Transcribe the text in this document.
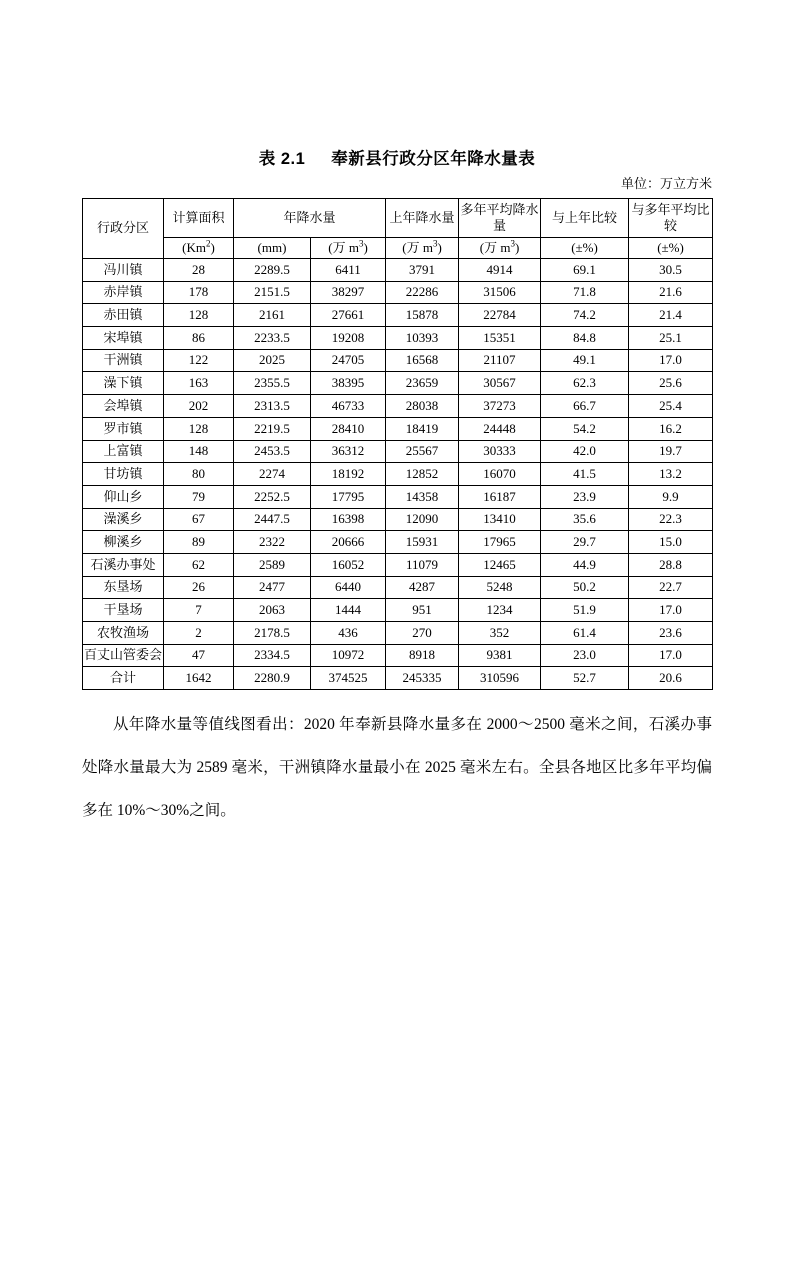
表 2.1 奉新县行政分区年降水量表
单位：万立方米
行政分区	计算面积	年降水量		上年降水量	多年平均降水量	与上年比较	与多年平均比较
	(Km$^2$)	(mm)	(万 $m^3$)	(万 $m^3$)	(万 $m^3$)	(±%)	(±%)
冯川镇	28	2289.5	6411	3791	4914	69.1	30.5
赤岸镇	178	2151.5	38297	22286	31506	71.8	21.6
赤田镇	128	2161	27661	15878	22784	74.2	21.4
宋埠镇	86	2233.5	19208	10393	15351	84.8	25.1
干洲镇	122	2025	24705	16568	21107	49.1	17.0
澡下镇	163	2355.5	38395	23659	30567	62.3	25.6
会埠镇	202	2313.5	46733	28038	37273	66.7	25.4
罗市镇	128	2219.5	28410	18419	24448	54.2	16.2
上富镇	148	2453.5	36312	25567	30333	42.0	19.7
甘坊镇	80	2274	18192	12852	16070	41.5	13.2
仰山乡	79	2252.5	17795	14358	16187	23.9	9.9
澡溪乡	67	2447.5	16398	12090	13410	35.6	22.3
柳溪乡	89	2322	20666	15931	17965	29.7	15.0
石溪办事处	62	2589	16052	11079	12465	44.9	28.8
东垦场	26	2477	6440	4287	5248	50.2	22.7
干垦场	7	2063	1444	951	1234	51.9	17.0
农牧渔场	2	2178.5	436	270	352	61.4	23.6
百丈山管委会	47	2334.5	10972	8918	9381	23.0	17.0
合计	1642	2280.9	374525	245335	310596	52.7	20.6

从年降水量等值线图看出：2020 年奉新县降水量多在 2000～2500 毫米之间，石溪办事处降水量最大为 2589 毫米，干洲镇降水量最小在 2025 毫米左右。全县各地区比多年平均偏多在 10%～30%之间。
